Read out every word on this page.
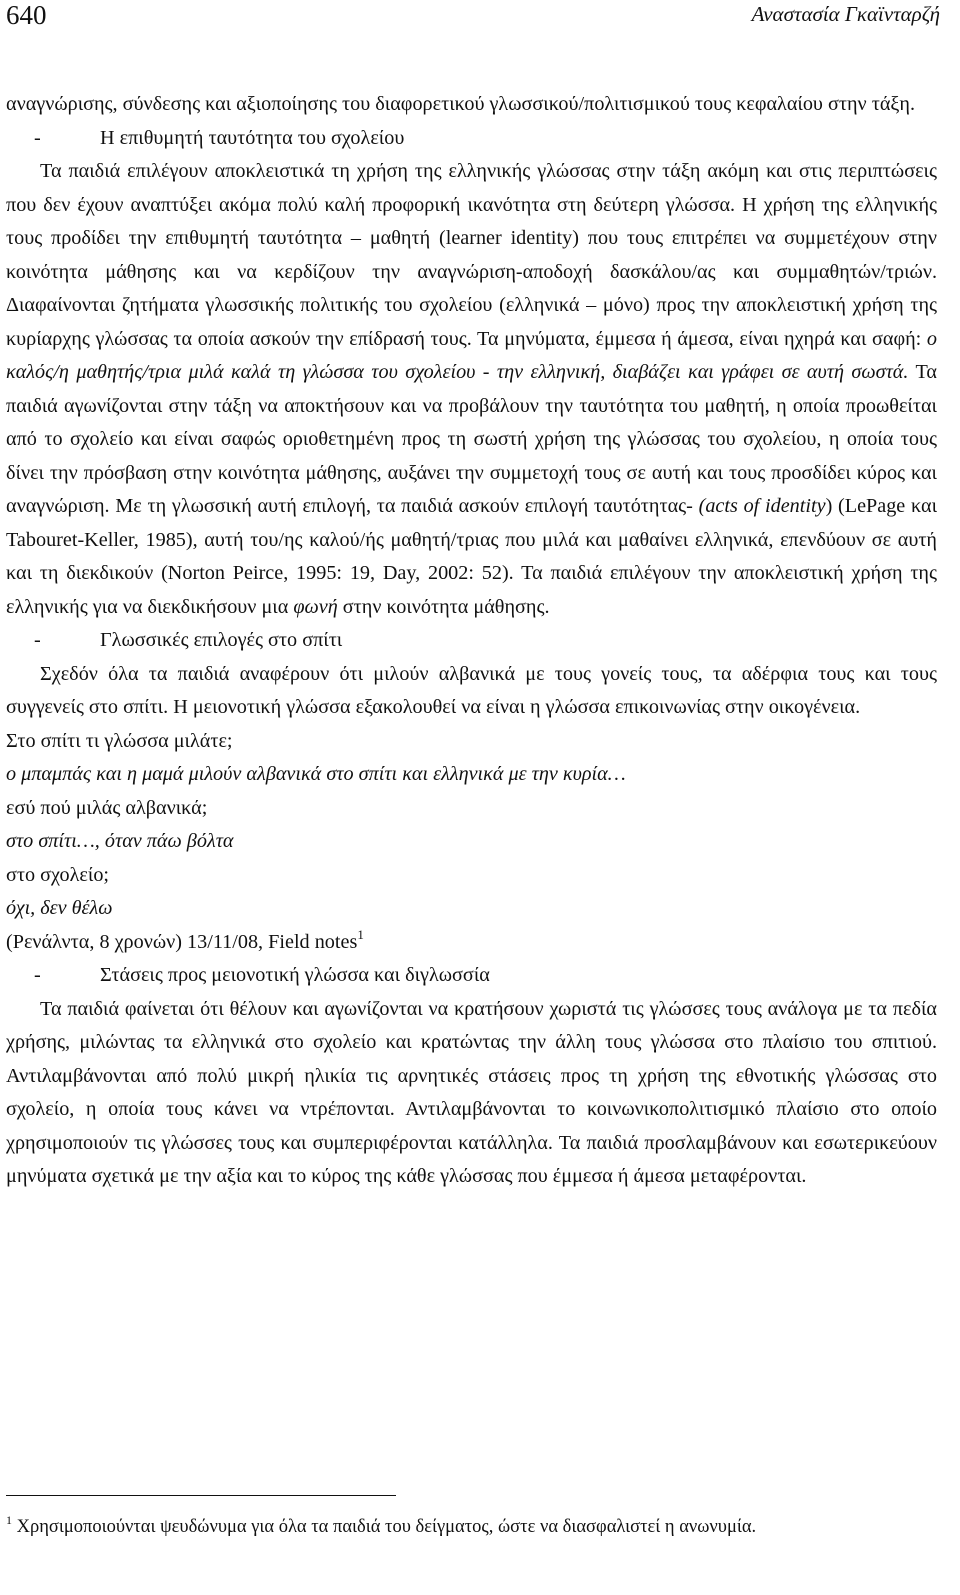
640	Αναστασία Γκαϊνταρζή

αναγνώρισης, σύνδεσης και αξιοποίησης του διαφορετικού γλωσσικού/πολιτισμικού τους κεφαλαίου στην τάξη.

-	Η επιθυμητή ταυτότητα του σχολείου

Τα παιδιά επιλέγουν αποκλειστικά τη χρήση της ελληνικής γλώσσας στην τάξη ακόμη και στις περιπτώσεις που δεν έχουν αναπτύξει ακόμα πολύ καλή προφορική ικανότητα στη δεύτερη γλώσσα. Η χρήση της ελληνικής τους προδίδει την επιθυμητή ταυτότητα – μαθητή (learner identity) που τους επιτρέπει να συμμετέχουν στην κοινότητα μάθησης και να κερδίζουν την αναγνώριση-αποδοχή δασκάλου/ας και συμμαθητών/τριών. Διαφαίνονται ζητήματα γλωσσικής πολιτικής του σχολείου (ελληνικά – μόνο) προς την αποκλειστική χρήση της κυρίαρχης γλώσσας τα οποία ασκούν την επίδρασή τους. Τα μηνύματα, έμμεσα ή άμεσα, είναι ηχηρά και σαφή: ο καλός/η μαθητής/τρια μιλά καλά τη γλώσσα του σχολείου - την ελληνική, διαβάζει και γράφει σε αυτή σωστά. Τα παιδιά αγωνίζονται στην τάξη να αποκτήσουν και να προβάλουν την ταυτότητα του μαθητή, η οποία προωθείται από το σχολείο και είναι σαφώς οριοθετημένη προς τη σωστή χρήση της γλώσσας του σχολείου, η οποία τους δίνει την πρόσβαση στην κοινότητα μάθησης, αυξάνει την συμμετοχή τους σε αυτή και τους προσδίδει κύρος και αναγνώριση. Με τη γλωσσική αυτή επιλογή, τα παιδιά ασκούν επιλογή ταυτότητας- (acts of identity) (LePage και Tabouret-Keller, 1985), αυτή του/ης καλού/ής μαθητή/τριας που μιλά και μαθαίνει ελληνικά, επενδύουν σε αυτή και τη διεκδικούν (Norton Peirce, 1995: 19, Day, 2002: 52). Τα παιδιά επιλέγουν την αποκλειστική χρήση της ελληνικής για να διεκδικήσουν μια φωνή στην κοινότητα μάθησης.

-	Γλωσσικές επιλογές στο σπίτι

Σχεδόν όλα τα παιδιά αναφέρουν ότι μιλούν αλβανικά με τους γονείς τους, τα αδέρφια τους και τους συγγενείς στο σπίτι. Η μειονοτική γλώσσα εξακολουθεί να είναι η γλώσσα επικοινωνίας στην οικογένεια.

Στο σπίτι τι γλώσσα μιλάτε;

ο μπαμπάς και η μαμά μιλούν αλβανικά στο σπίτι και ελληνικά με την κυρία…

εσύ πού μιλάς αλβανικά;

στο σπίτι…, όταν πάω βόλτα

στο σχολείο;

όχι, δεν θέλω

(Ρενάλντα, 8 χρονών) 13/11/08, Field notes$^1$

-	Στάσεις προς μειονοτική γλώσσα και διγλωσσία

Τα παιδιά φαίνεται ότι θέλουν και αγωνίζονται να κρατήσουν χωριστά τις γλώσσες τους ανάλογα με τα πεδία χρήσης, μιλώντας τα ελληνικά στο σχολείο και κρατώντας την άλλη τους γλώσσα στο πλαίσιο του σπιτιού. Αντιλαμβάνονται από πολύ μικρή ηλικία τις αρνητικές στάσεις προς τη χρήση της εθνοτικής γλώσσας στο σχολείο, η οποία τους κάνει να ντρέπονται. Αντιλαμβάνονται το κοινωνικοπολιτισμικό πλαίσιο στο οποίο χρησιμοποιούν τις γλώσσες τους και συμπεριφέρονται κατάλληλα. Τα παιδιά προσλαμβάνουν και εσωτερικεύουν μηνύματα σχετικά με την αξία και το κύρος της κάθε γλώσσας που έμμεσα ή άμεσα μεταφέρονται.

$^1$ Χρησιμοποιούνται ψευδώνυμα για όλα τα παιδιά του δείγματος, ώστε να διασφαλιστεί η ανωνυμία.
